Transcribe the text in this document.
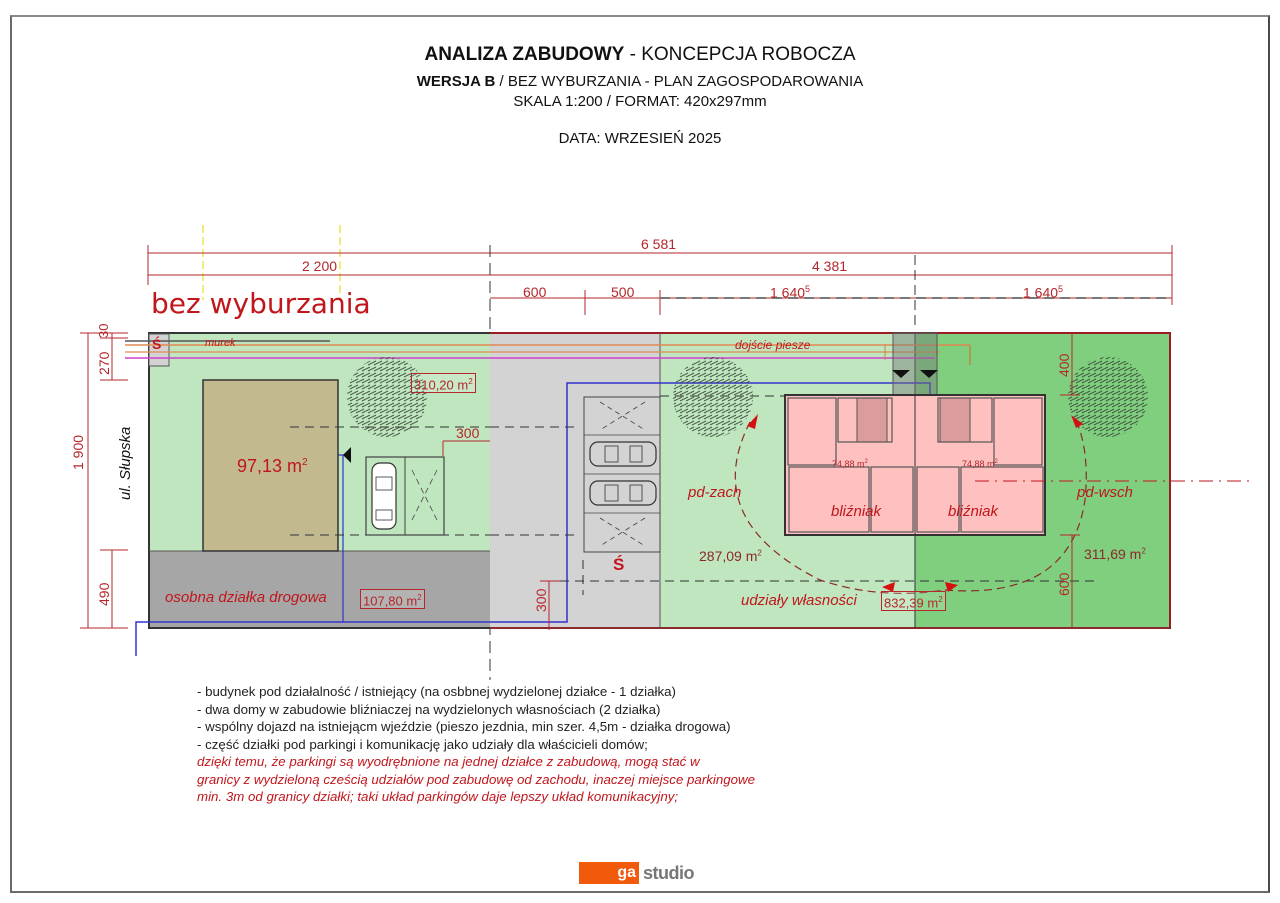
ANALIZA ZABUDOWY - KONCEPCJA ROBOCZA
WERSJA B / BEZ WYBURZANIA - PLAN ZAGOSPODAROWANIA
SKALA 1:200 / FORMAT: 420x297mm
DATA: WRZESIEŃ 2025
6 581
2 200	4 381
600	500	1 $640^5$	1 $640^5$
1 900
30
270
490
300
300
400
600
bez wyburzania
ul. Słupska
Ś	murek	dojście piesze
97,13 $m^2$
310,20 $m^2$
osobna działka drogowa	107,80 $m^2$
Ś
pd-zach	pd-wsch
287,09 $m^2$	311,69 $m^2$
udziały własności 832,39 $m^2$
74,88 $m^2$	74,88 $m^2$
bliźniak	bliźniak
- budynek pod działalność / istniejący (na osbbnej wydzielonej działce - 1 działka)
- dwa domy w zabudowie bliźniaczej na wydzielonych własnościach (2 działka)
- wspólny dojazd na istniejącm wjeździe (pieszo jezdnia, min szer. 4,5m - działka drogowa)
- część działki pod parkingi i komunikację jako udziały dla właścicieli domów;
dzięki temu, że parkingi są wyodrębnione na jednej działce z zabudową, mogą stać w
granicy z wydzieloną cześcią udziałów pod zabudowę od zachodu, inaczej miejsce parkingowe
min. 3m od granicy działki; taki układ parkingów daje lepszy układ komunikacyjny;
ga studio
